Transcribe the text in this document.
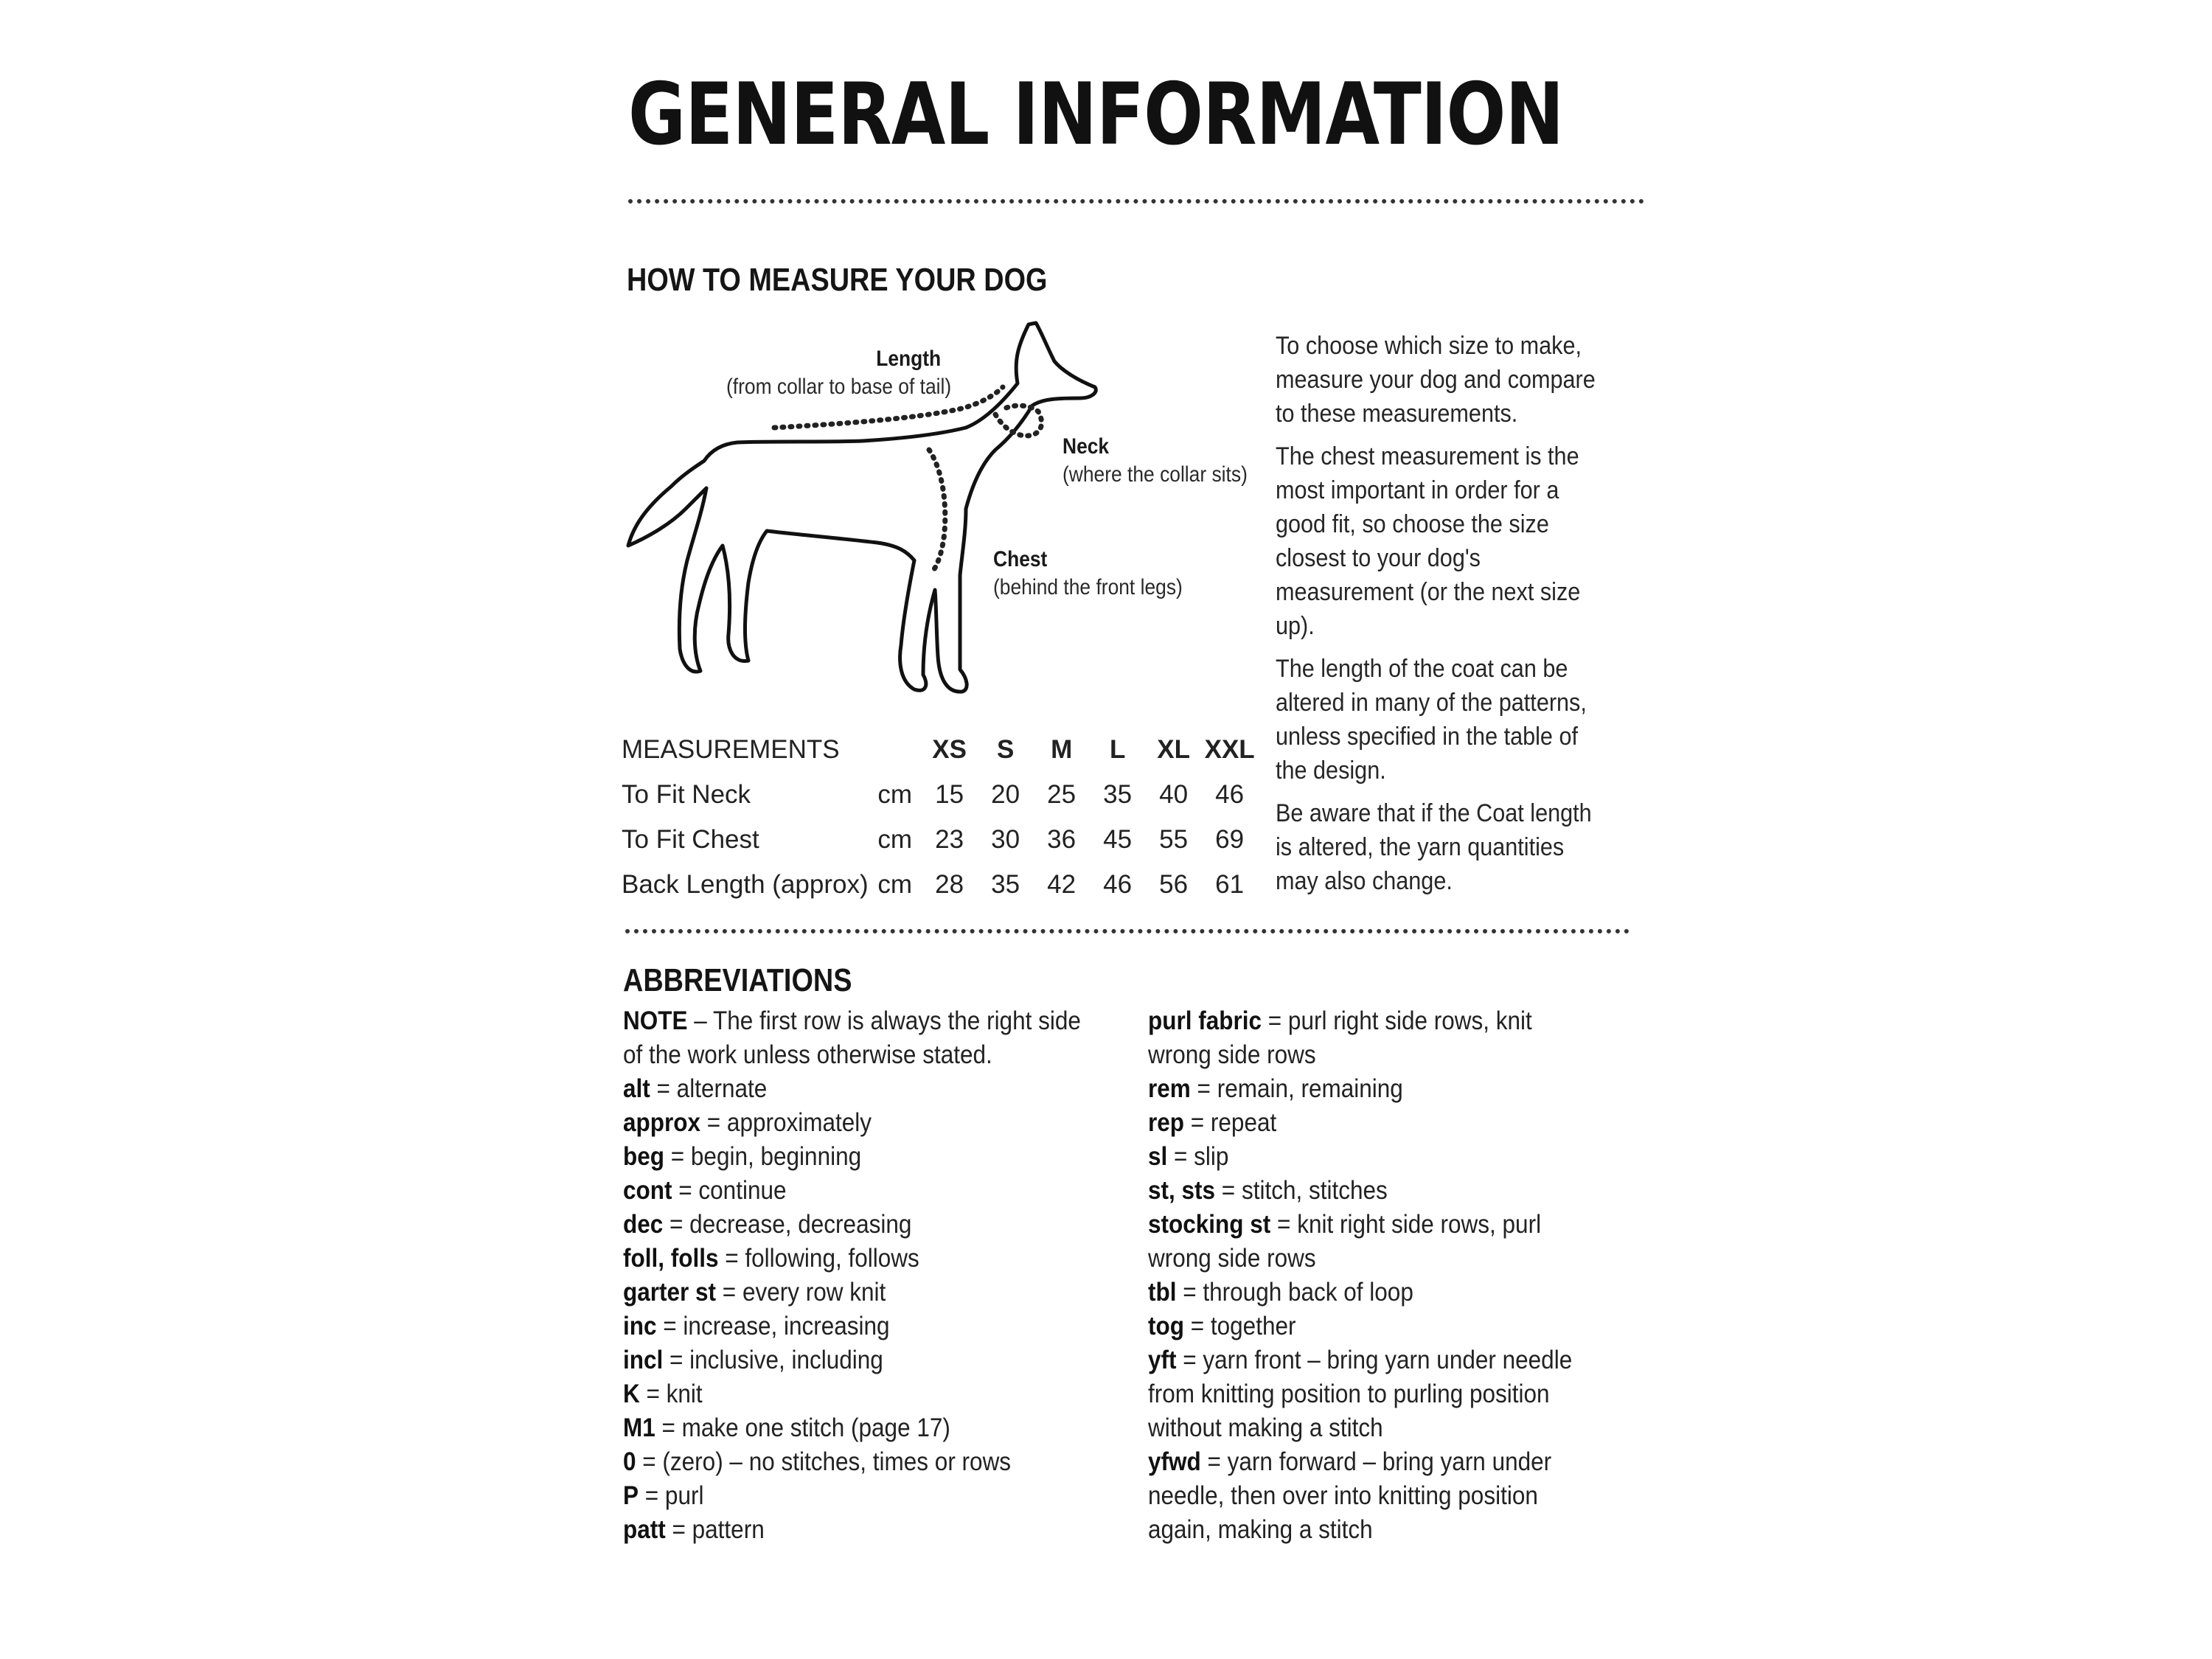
GENERAL INFORMATION
HOW TO MEASURE YOUR DOG
Length
(from collar to base of tail)
Neck
(where the collar sits)
Chest
(behind the front legs)

To choose which size to make, measure your dog and compare to these measurements.

The chest measurement is the most important in order for a good fit, so choose the size closest to your dog's measurement (or the next size up).

The length of the coat can be altered in many of the patterns, unless specified in the table of the design.

Be aware that if the Coat length is altered, the yarn quantities may also change.

MEASUREMENTS		XS	S	M	L	XL	XXL
To Fit Neck	cm	15	20	25	35	40	46
To Fit Chest	cm	23	30	36	45	55	69
Back Length (approx)	cm	28	35	42	46	56	61
ABBREVIATIONS

NOTE – The first row is always the right side of the work unless otherwise stated.

alt = alternate

approx = approximately

beg = begin, beginning

cont = continue

dec = decrease, decreasing

foll, folls = following, follows

garter st = every row knit

inc = increase, increasing

incl = inclusive, including

K = knit

M1 = make one stitch (page 17)

0 = (zero) – no stitches, times or rows

P = purl

patt = pattern

purl fabric = purl right side rows, knit wrong side rows

rem = remain, remaining

rep = repeat

sl = slip

st, sts = stitch, stitches

stocking st = knit right side rows, purl wrong side rows

tbl = through back of loop

tog = together

yft = yarn front – bring yarn under needle from knitting position to purling position without making a stitch

yfwd = yarn forward – bring yarn under needle, then over into knitting position again, making a stitch
